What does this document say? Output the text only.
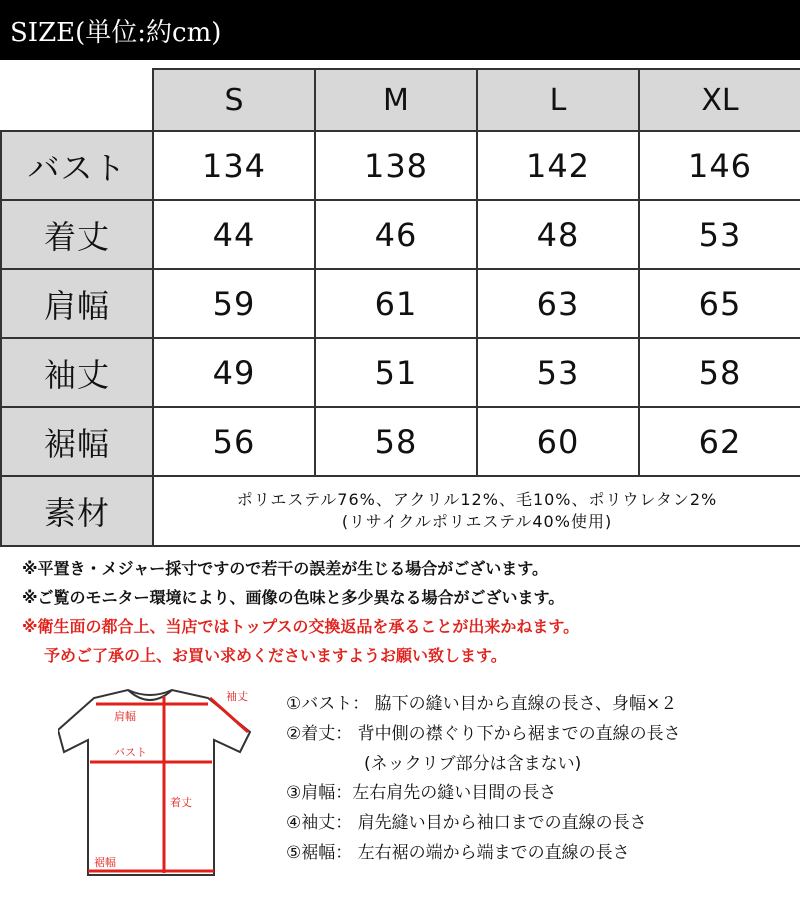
SIZE(単位:約cm)
	S	M	L	XL
バスト	134	138	142	146
着丈	44	46	48	53
肩幅	59	61	63	65
袖丈	49	51	53	58
裾幅	56	58	60	62
素材	ポリエステル76%、アクリル12%、毛10%、ポリウレタン2%
(リサイクルポリエステル40%使用)			
※平置き・メジャー採寸ですので若干の誤差が生じる場合がございます。
※ご覧のモニター環境により、画像の色味と多少異なる場合がございます。
※衛生面の都合上、当店ではトップスの交換返品を承ることが出来かねます。
予めご了承の上、お買い求めくださいますようお願い致します。
袖丈
肩幅
バスト
着丈
裾幅
①バスト： 脇下の縫い目から直線の長さ、身幅×２
②着丈： 背中側の襟ぐり下から裾までの直線の長さ
(ネックリブ部分は含まない)
③肩幅：左右肩先の縫い目間の長さ
④袖丈： 肩先縫い目から袖口までの直線の長さ
⑤裾幅： 左右裾の端から端までの直線の長さ
